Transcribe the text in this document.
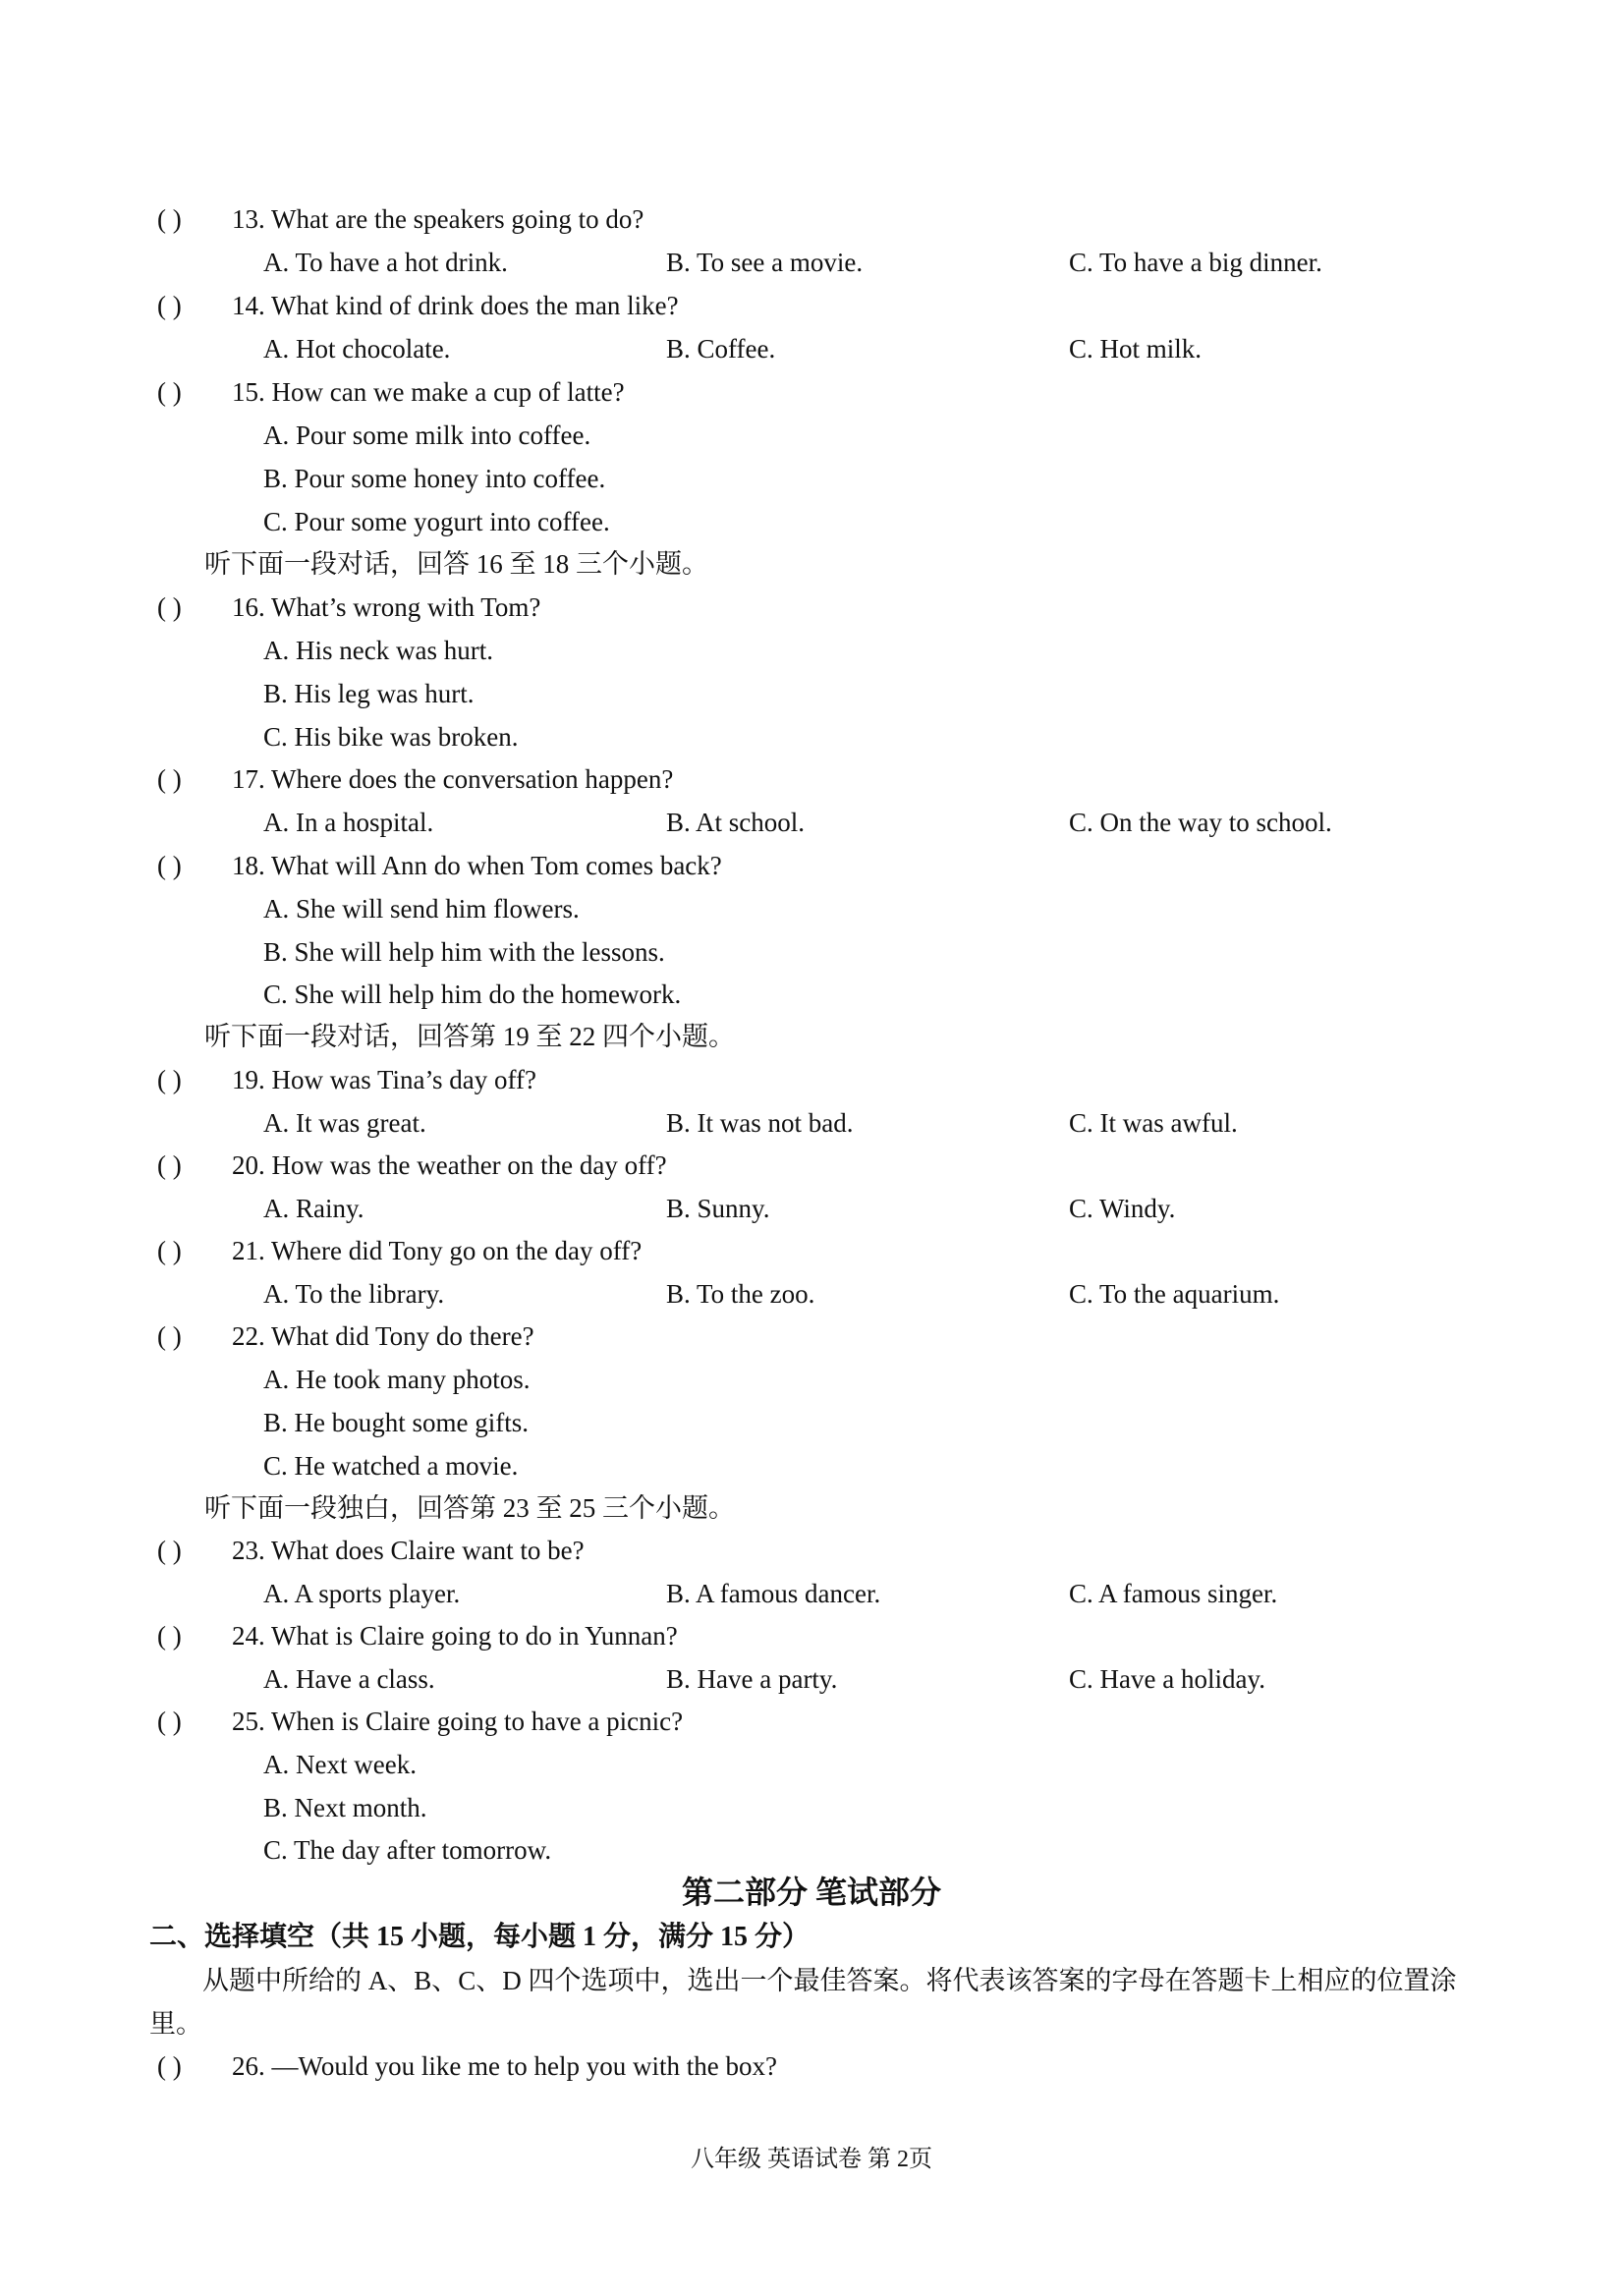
( ) 13. What are the speakers going to do?
A. To have a hot drink.	B. To see a movie.	C. To have a big dinner.
( ) 14. What kind of drink does the man like?
A. Hot chocolate.	B. Coffee.	C. Hot milk.
( ) 15. How can we make a cup of latte?
A. Pour some milk into coffee.
B. Pour some honey into coffee.
C. Pour some yogurt into coffee.
听下面一段对话，回答 16 至 18 三个小题。
( ) 16. What’s wrong with Tom?
A. His neck was hurt.
B. His leg was hurt.
C. His bike was broken.
( ) 17. Where does the conversation happen?
A. In a hospital.	B. At school.	C. On the way to school.
( ) 18. What will Ann do when Tom comes back?
A. She will send him flowers.
B. She will help him with the lessons.
C. She will help him do the homework.
听下面一段对话，回答第 19 至 22 四个小题。
( ) 19. How was Tina’s day off?
A. It was great.	B. It was not bad.	C. It was awful.
( ) 20. How was the weather on the day off?
A. Rainy.	B. Sunny.	C. Windy.
( ) 21. Where did Tony go on the day off?
A. To the library.	B. To the zoo.	C. To the aquarium.
( ) 22. What did Tony do there?
A. He took many photos.
B. He bought some gifts.
C. He watched a movie.
听下面一段独白，回答第 23 至 25 三个小题。
( ) 23. What does Claire want to be?
A. A sports player.	B. A famous dancer.	C. A famous singer.
( ) 24. What is Claire going to do in Yunnan?
A. Have a class.	B. Have a party.	C. Have a holiday.
( ) 25. When is Claire going to have a picnic?
A. Next week.
B. Next month.
C. The day after tomorrow.
第二部分 笔试部分
二、选择填空（共 15 小题，每小题 1 分，满分 15 分）
从题中所给的 A、B、C、D 四个选项中，选出一个最佳答案。将代表该答案的字母在答题卡上相应的位置涂里。
( ) 26. —Would you like me to help you with the box?
八年级 英语试卷 第 2页
